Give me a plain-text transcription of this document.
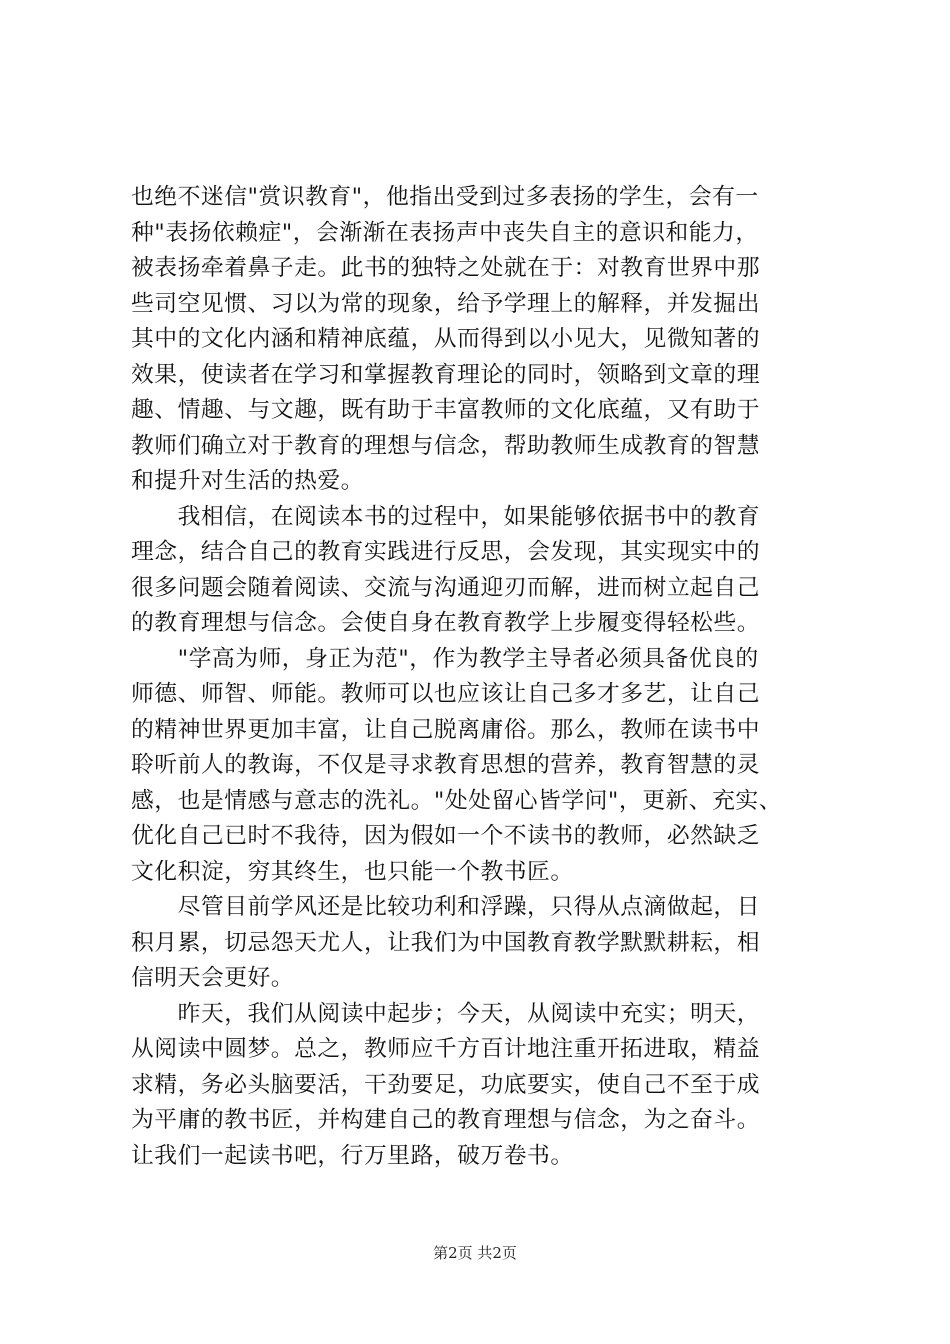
也绝不迷信"赏识教育"，他指出受到过多表扬的学生，会有一
种"表扬依赖症"，会渐渐在表扬声中丧失自主的意识和能力，
被表扬牵着鼻子走。此书的独特之处就在于：对教育世界中那
些司空见惯、习以为常的现象，给予学理上的解释，并发掘出
其中的文化内涵和精神底蕴，从而得到以小见大，见微知著的
效果，使读者在学习和掌握教育理论的同时，领略到文章的理
趣、情趣、与文趣，既有助于丰富教师的文化底蕴，又有助于
教师们确立对于教育的理想与信念，帮助教师生成教育的智慧
和提升对生活的热爱。

　　我相信，在阅读本书的过程中，如果能够依据书中的教育
理念，结合自己的教育实践进行反思，会发现，其实现实中的
很多问题会随着阅读、交流与沟通迎刃而解，进而树立起自己
的教育理想与信念。会使自身在教育教学上步履变得轻松些。

　　"学高为师，身正为范"，作为教学主导者必须具备优良的
师德、师智、师能。教师可以也应该让自己多才多艺，让自己
的精神世界更加丰富，让自己脱离庸俗。那么，教师在读书中
聆听前人的教诲，不仅是寻求教育思想的营养，教育智慧的灵
感，也是情感与意志的洗礼。"处处留心皆学问"，更新、充实、
优化自己已时不我待，因为假如一个不读书的教师，必然缺乏
文化积淀，穷其终生，也只能一个教书匠。

　　尽管目前学风还是比较功利和浮躁，只得从点滴做起，日
积月累，切忌怨天尤人，让我们为中国教育教学默默耕耘，相
信明天会更好。

　　昨天，我们从阅读中起步；今天，从阅读中充实；明天，
从阅读中圆梦。总之，教师应千方百计地注重开拓进取，精益
求精，务必头脑要活，干劲要足，功底要实，使自己不至于成
为平庸的教书匠，并构建自己的教育理想与信念，为之奋斗。
让我们一起读书吧，行万里路，破万卷书。

第2页 共2页
